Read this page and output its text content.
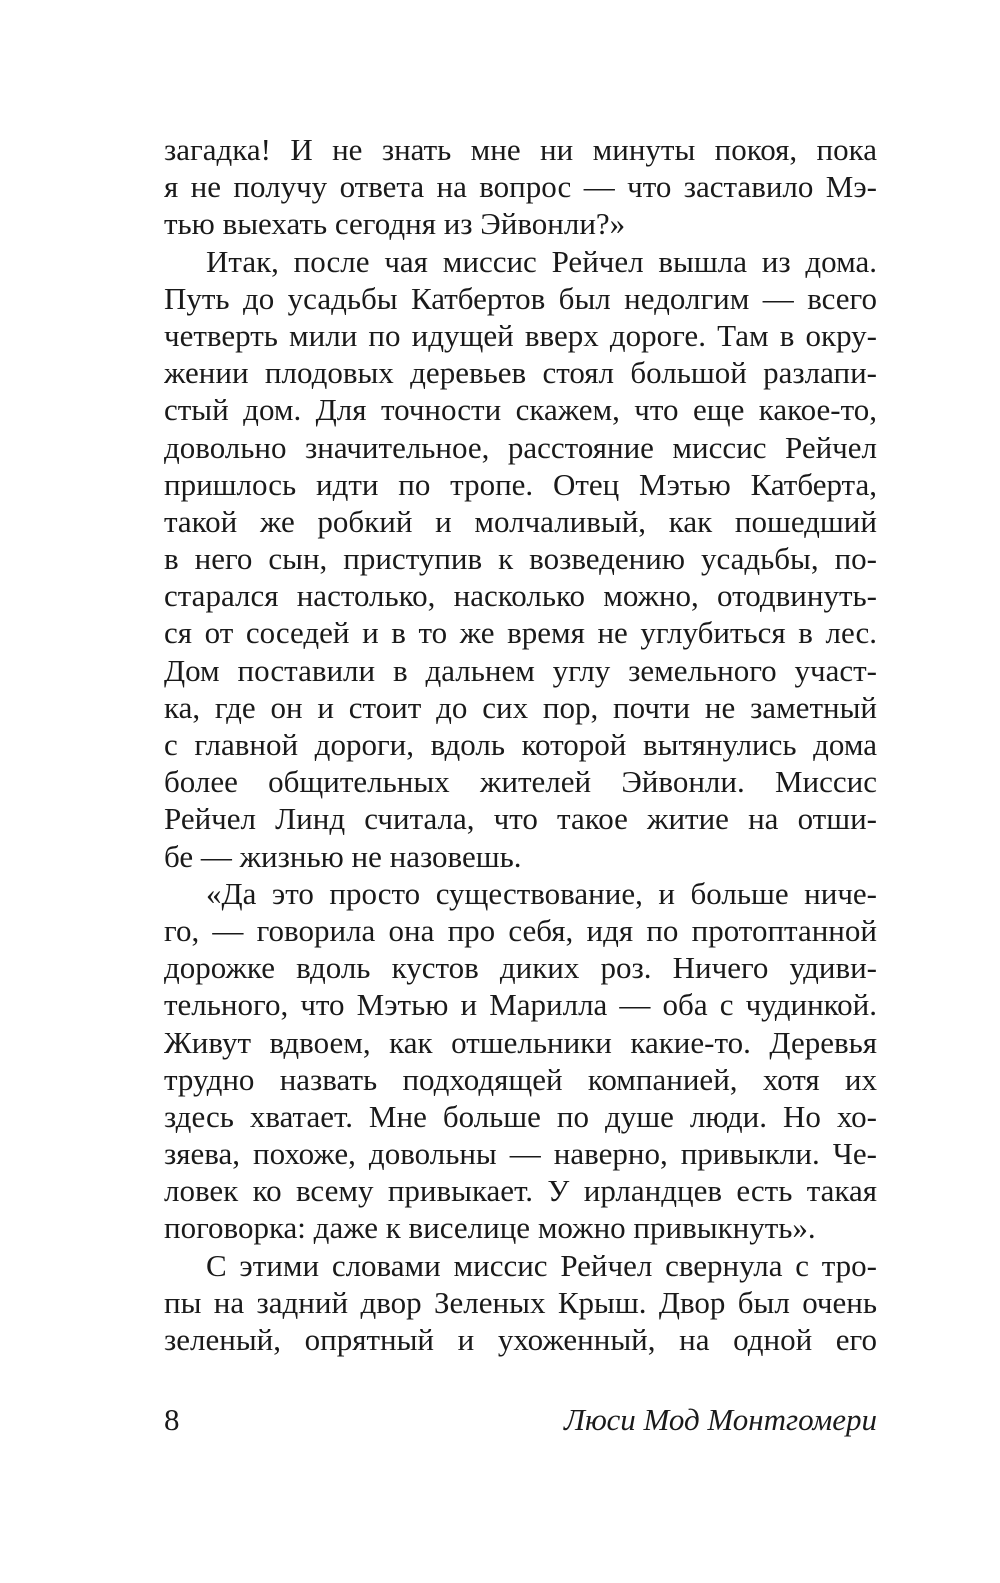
загадка! И не знать мне ни минуты покоя, пока
я не получу ответа на вопрос — что заставило Мэ-
тью выехать сегодня из Эйвонли?»
Итак, после чая миссис Рейчел вышла из дома.
Путь до усадьбы Катбертов был недолгим — всего
четверть мили по идущей вверх дороге. Там в окру-
жении плодовых деревьев стоял большой разлапи-
стый дом. Для точности скажем, что еще какое-то,
довольно значительное, расстояние миссис Рейчел
пришлось идти по тропе. Отец Мэтью Катберта,
такой же робкий и молчаливый, как пошедший
в него сын, приступив к возведению усадьбы, по-
старался настолько, насколько можно, отодвинуть-
ся от соседей и в то же время не углубиться в лес.
Дом поставили в дальнем углу земельного участ-
ка, где он и стоит до сих пор, почти не заметный
с главной дороги, вдоль которой вытянулись дома
более общительных жителей Эйвонли. Миссис
Рейчел Линд считала, что такое житие на отши-
бе — жизнью не назовешь.
«Да это просто существование, и больше ниче-
го, — говорила она про себя, идя по протоптанной
дорожке вдоль кустов диких роз. Ничего удиви-
тельного, что Мэтью и Марилла — оба с чудинкой.
Живут вдвоем, как отшельники какие-то. Деревья
трудно назвать подходящей компанией, хотя их
здесь хватает. Мне больше по душе люди. Но хо-
зяева, похоже, довольны — наверно, привыкли. Че-
ловек ко всему привыкает. У ирландцев есть такая
поговорка: даже к виселице можно привыкнуть».
С этими словами миссис Рейчел свернула с тро-
пы на задний двор Зеленых Крыш. Двор был очень
зеленый, опрятный и ухоженный, на одной его
8	Люси Мод Монтгомери
